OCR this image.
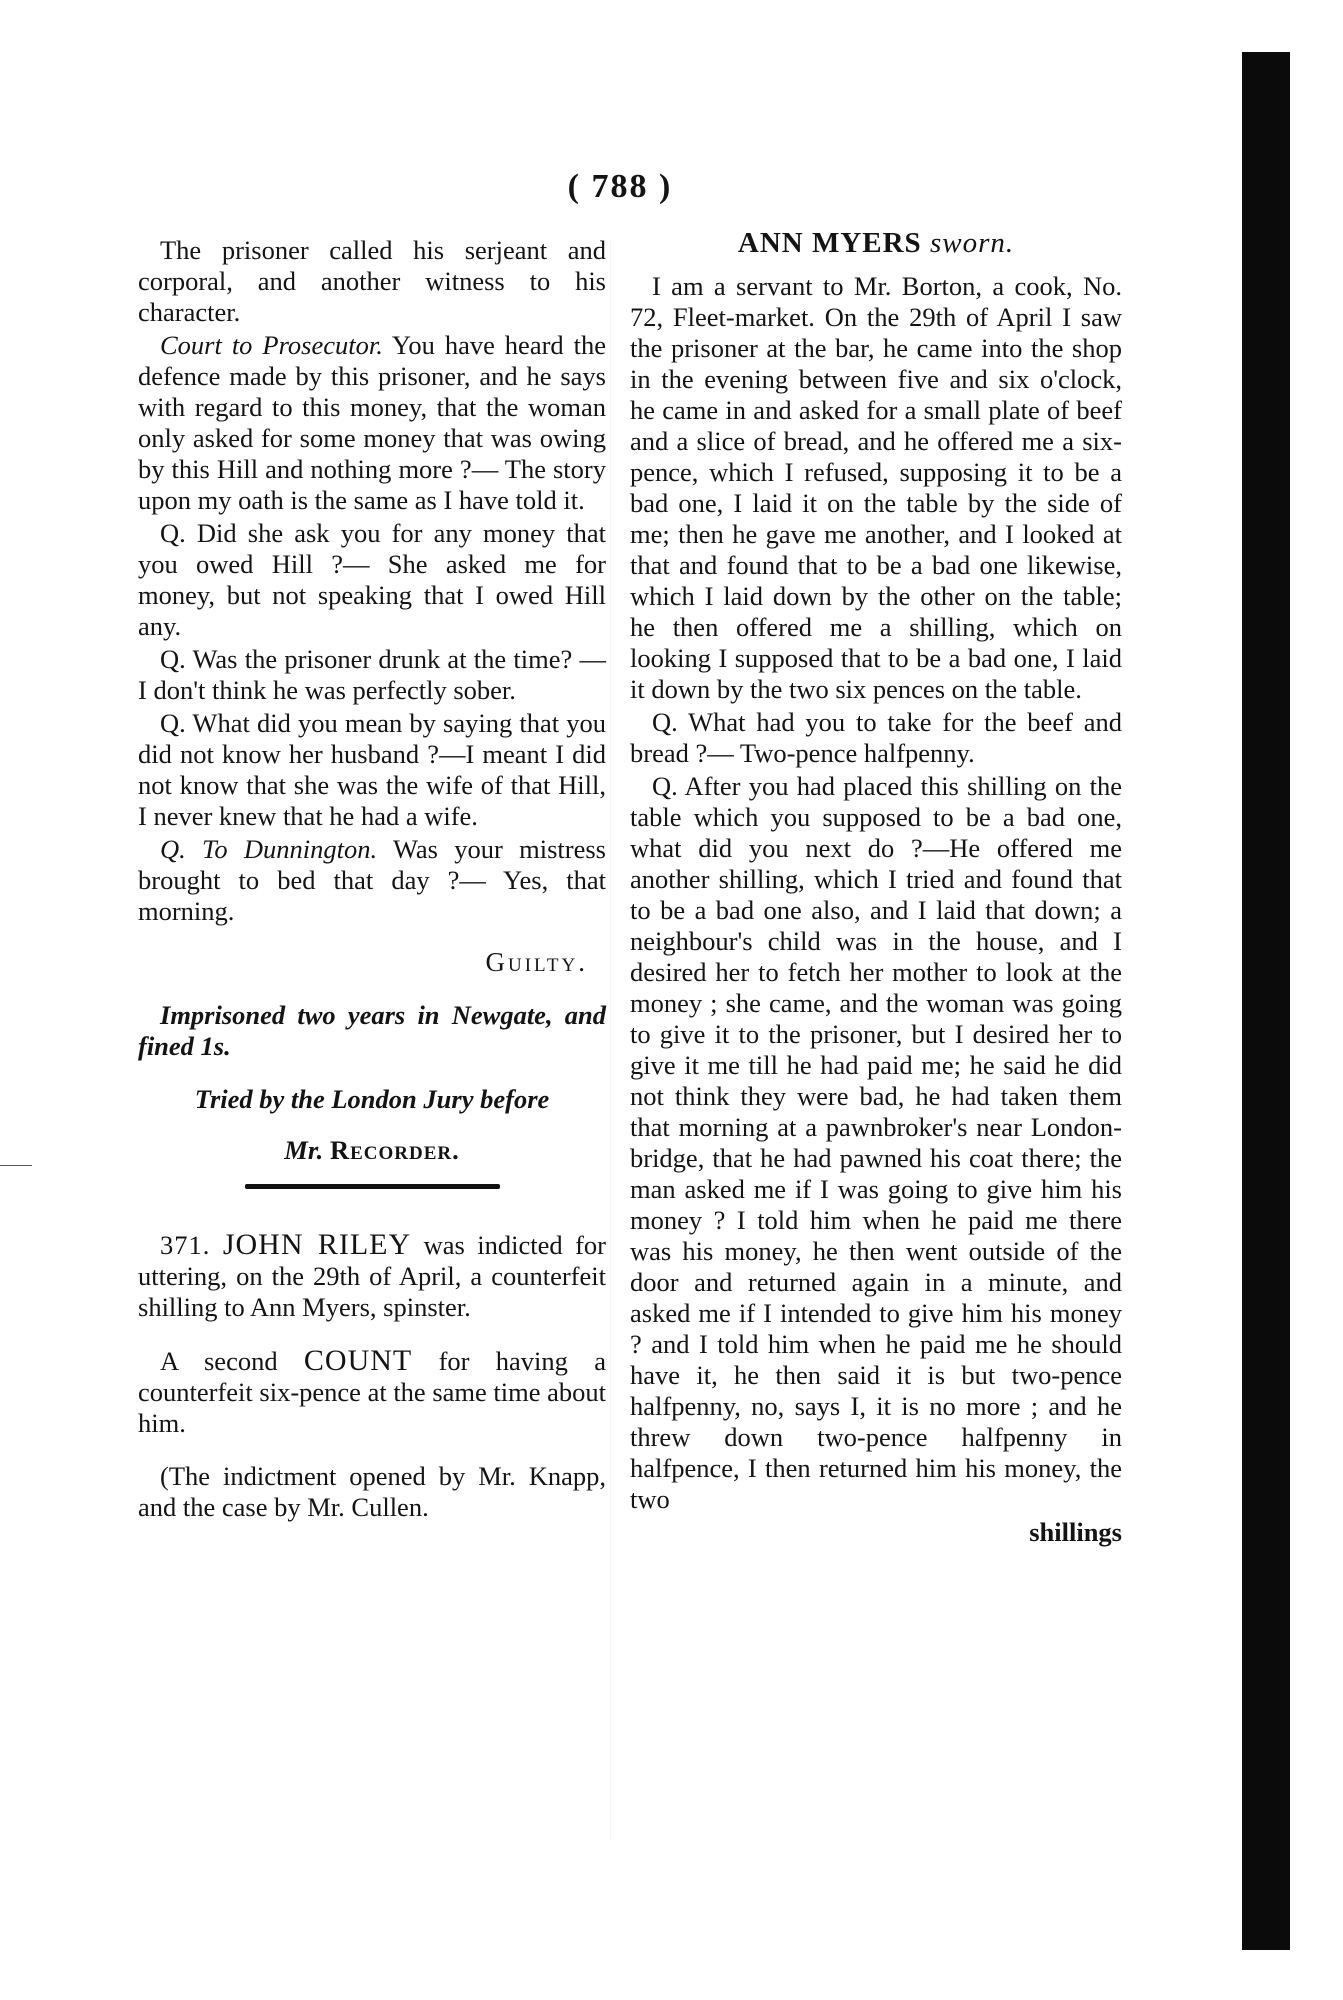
( 788 )

The prisoner called his serjeant and corporal, and another witness to his character.

Court to Prosecutor. You have heard the defence made by this prisoner, and he says with regard to this money, that the woman only asked for some money that was owing by this Hill and nothing more ?— The story upon my oath is the same as I have told it.

Q. Did she ask you for any money that you owed Hill ?— She asked me for money, but not speaking that I owed Hill any.

Q. Was the prisoner drunk at the time? —I don't think he was perfectly sober.

Q. What did you mean by saying that you did not know her husband ?—I meant I did not know that she was the wife of that Hill, I never knew that he had a wife.

Q. To Dunnington. Was your mistress brought to bed that day ?— Yes, that morning.

Guilty.

Imprisoned two years in Newgate, and fined 1s.

Tried by the London Jury before

Mr. Recorder.

371. JOHN RILEY was indicted for uttering, on the 29th of April, a counterfeit shilling to Ann Myers, spinster.

A second COUNT for having a counterfeit six-pence at the same time about him.

(The indictment opened by Mr. Knapp, and the case by Mr. Cullen.

ANN MYERS sworn.

I am a servant to Mr. Borton, a cook, No. 72, Fleet-market. On the 29th of April I saw the prisoner at the bar, he came into the shop in the evening between five and six o'clock, he came in and asked for a small plate of beef and a slice of bread, and he offered me a six-pence, which I refused, supposing it to be a bad one, I laid it on the table by the side of me; then he gave me another, and I looked at that and found that to be a bad one likewise, which I laid down by the other on the table; he then offered me a shilling, which on looking I supposed that to be a bad one, I laid it down by the two six pences on the table.

Q. What had you to take for the beef and bread ?— Two-pence halfpenny.

Q. After you had placed this shilling on the table which you supposed to be a bad one, what did you next do ?—He offered me another shilling, which I tried and found that to be a bad one also, and I laid that down; a neighbour's child was in the house, and I desired her to fetch her mother to look at the money ; she came, and the woman was going to give it to the prisoner, but I desired her to give it me till he had paid me; he said he did not think they were bad, he had taken them that morning at a pawnbroker's near London-bridge, that he had pawned his coat there; the man asked me if I was going to give him his money ? I told him when he paid me there was his money, he then went outside of the door and returned again in a minute, and asked me if I intended to give him his money ? and I told him when he paid me he should have it, he then said it is but two-pence halfpenny, no, says I, it is no more ; and he threw down two-pence halfpenny in halfpence, I then returned him his money, the two

shillings
